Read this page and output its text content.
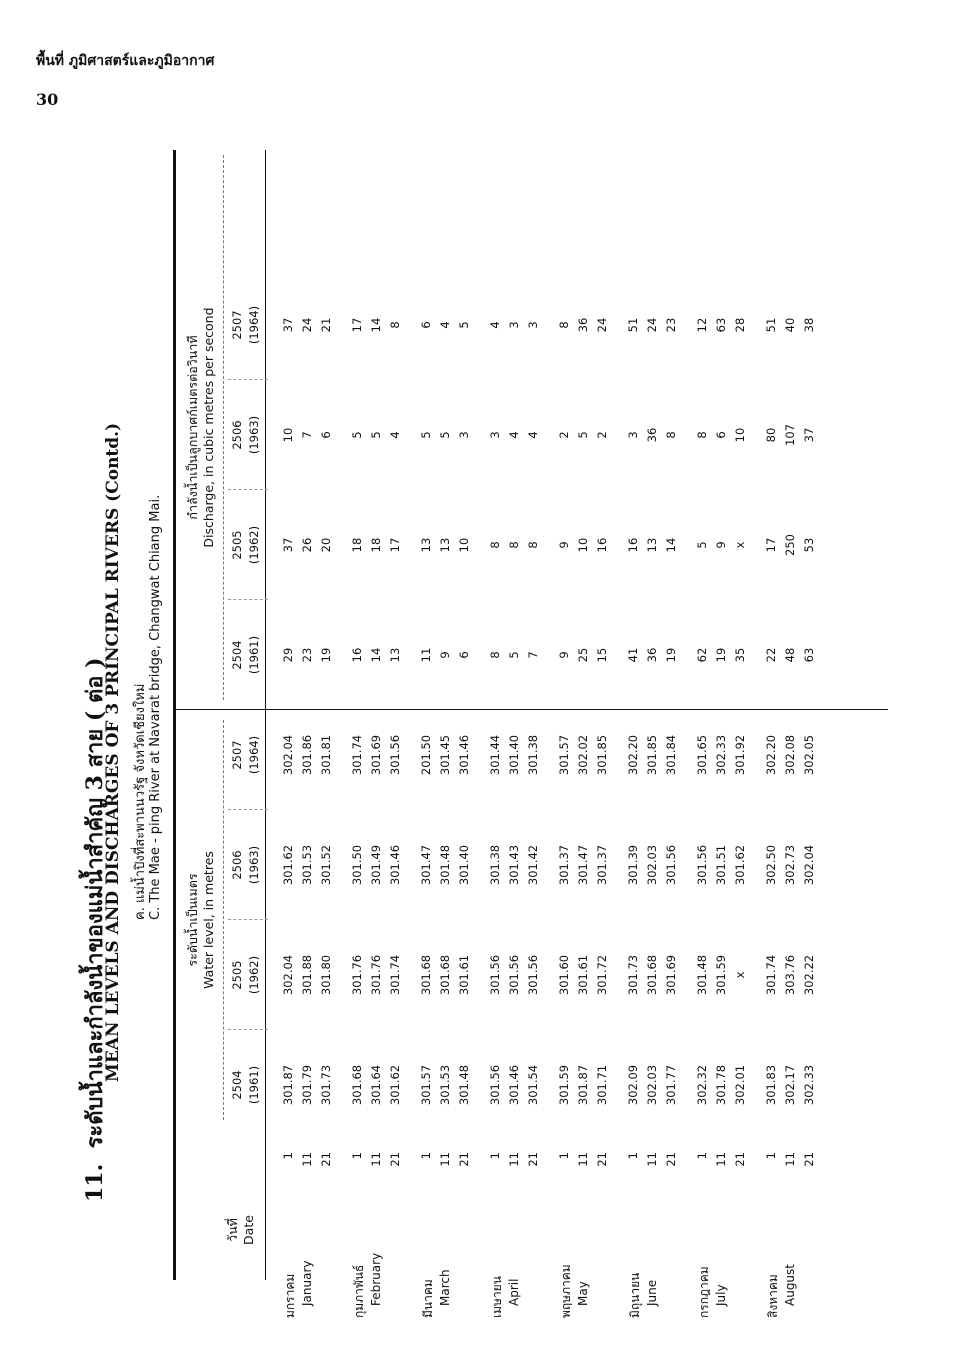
พื้นที่ ภูมิศาสตร์และภูมิอากาศ
30
11.  ระดับน้ำและกำลังน้ำของแม่น้ำสำคัญ 3 สาย ( ต่อ )
MEAN LEVELS AND DISCHARGES OF 3 PRINCIPAL RIVERS (Contd.) ค. แม่น้ำปิงที่สะพานนวรัฐ จังหวัดเชียงใหม่ C. The Mae - ping River at Navarat bridge, Changwat Chiang Mai.
วันที่ Date
ระดับน้ำเป็นเมตร Water level, in metres
กำลังน้ำเป็นลูกบาศก์เมตรต่อวินาที Discharge, in cubic metres per second
2504 (1961)
2504 (1961)
2505 (1962)
2505 (1962)
2506 (1963)
2506 (1963)
2507 (1964)
2507 (1964)
มกราคม January
1
301.87
302.04
301.62
302.04
29
37
10
37
11
301.79
301.88
301.53
301.86
23
26
7
24
21
301.73
301.80
301.52
301.81
19
20
6
21
กุมภาพันธ์ February
1
301.68
301.76
301.50
301.74
16
18
5
17
11
301.64
301.76
301.49
301.69
14
18
5
14
21
301.62
301.74
301.46
301.56
13
17
4
8
มีนาคม March
1
301.57
301.68
301.47
201.50
11
13
5
6
11
301.53
301.68
301.48
301.45
9
13
5
4
21
301.48
301.61
301.40
301.46
6
10
3
5
เมษายน April
1
301.56
301.56
301.38
301.44
8
8
3
4
11
301.46
301.56
301.43
301.40
5
8
4
3
21
301.54
301.56
301.42
301.38
7
8
4
3
พฤษภาคม May
1
301.59
301.60
301.37
301.57
9
9
2
8
11
301.87
301.61
301.47
302.02
25
10
5
36
21
301.71
301.72
301.37
301.85
15
16
2
24
มิถุนายน June
1
302.09
301.73
301.39
302.20
41
16
3
51
11
302.03
301.68
302.03
301.85
36
13
36
24
21
301.77
301.69
301.56
301.84
19
14
8
23
กรกฎาคม July
1
302.32
301.48
301.56
301.65
62
5
8
12
11
301.78
301.59
301.51
302.33
19
9
6
63
21
302.01
x
301.62
301.92
35
x
10
28
สิงหาคม August
1
301.83
301.74
302.50
302.20
22
17
80
51
11
302.17
303.76
302.73
302.08
48
250
107
40
21
302.33
302.22
302.04
302.05
63
53
37
38
